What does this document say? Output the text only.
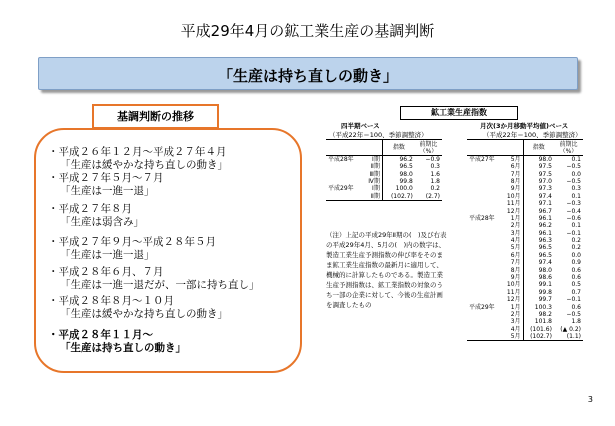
平成29年4月の鉱工業生産の基調判断
「生産は持ち直しの動き」
基調判断の推移
・平成２６年１２月～平成２７年４月
「生産は緩やかな持ち直しの動き」
・平成２７年５月～７月
「生産は一進一退」
・平成２７年８月
「生産は弱含み」
・平成２７年９月～平成２８年５月
「生産は一進一退」
・平成２８年６月、７月
「生産は一進一退だが、一部に持ち直し」
・平成２８年８月～１０月
「生産は緩やかな持ち直しの動き」
・平成２８年１１月～
「生産は持ち直しの動き」
鉱工業生産指数
四半期ベース
（平成22年＝100、季節調整済）
		指数	前期比
（%）
平成28年	Ⅰ期	96.2	−0.9
	Ⅱ期	96.5	0.3
	Ⅲ期	98.0	1.6
	Ⅳ期	99.8	1.8
平成29年	Ⅰ期	100.0	0.2
	Ⅱ期	(102.7)	(2.7)
月次(3か月移動平均値)ベース
（平成22年＝100、季節調整済）
		指数	前期比
（%）
平成27年	5月	98.0	0.1
	6月	97.5	−0.5
	7月	97.5	0.0
	8月	97.0	−0.5
	9月	97.3	0.3
	10月	97.4	0.1
	11月	97.1	−0.3
	12月	96.7	−0.4
平成28年	1月	96.1	−0.6
	2月	96.2	0.1
	3月	96.1	−0.1
	4月	96.3	0.2
	5月	96.5	0.2
	6月	96.5	0.0
	7月	97.4	0.9
	8月	98.0	0.6
	9月	98.6	0.6
	10月	99.1	0.5
	11月	99.8	0.7
	12月	99.7	−0.1
平成29年	1月	100.3	0.6
	2月	98.2	−0.5
	3月	101.8	1.8
	4月	(101.6)	(▲ 0.2)
	5月	(102.7)	(1.1)
（注）上記の平成29年Ⅱ期の(　)及び右表の平成29年4月、5月の(　)内の数字は、製造工業生産予測指数の伸び率をそのまま鉱工業生産指数の最新月に適用して、機械的に計算したものである。製造工業生産予測指数は、鉱工業指数の対象のうち一部の企業に対して、今後の生産計画を調査したもの
3
